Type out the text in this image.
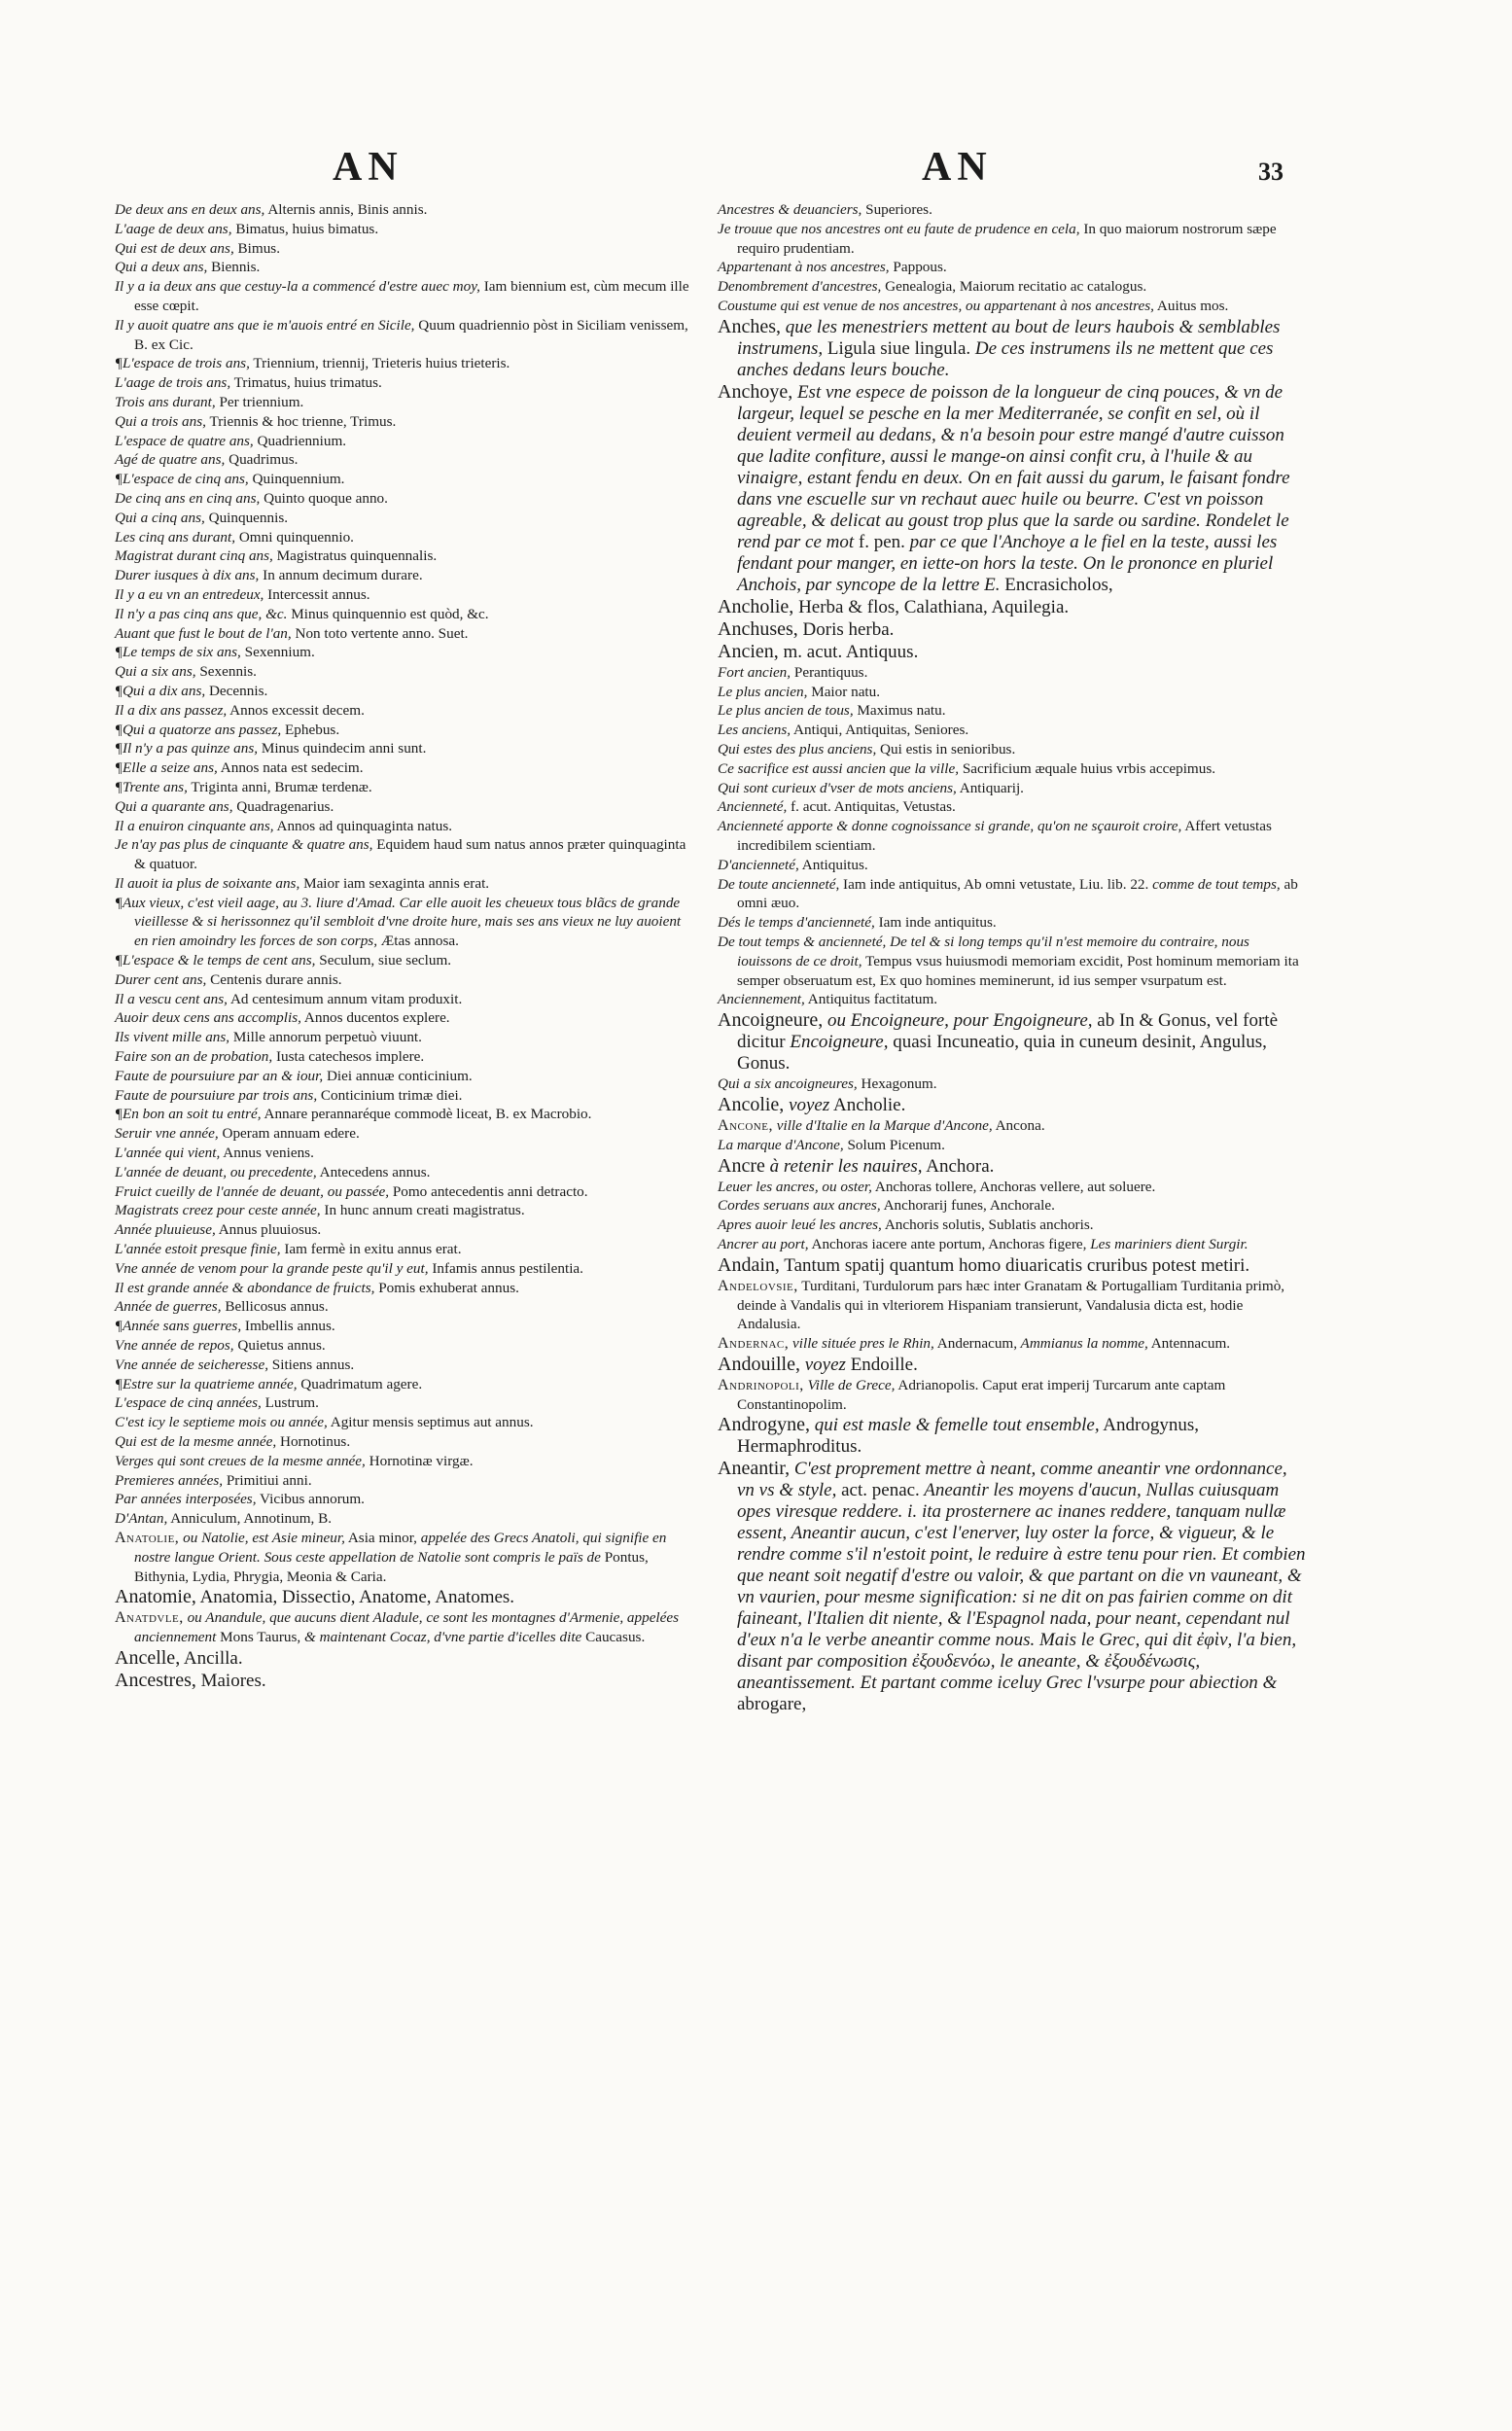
AN	AN	33

De deux ans en deux ans, Alternis annis, Binis annis.

L'aage de deux ans, Bimatus, huius bimatus.

Qui est de deux ans, Bimus.

Qui a deux ans, Biennis.

Il y a ia deux ans que cestuy-la a commencé d'estre auec moy, Iam biennium est, cùm mecum ille esse cœpit.

Il y auoit quatre ans que ie m'auois entré en Sicile, Quum quadriennio pòst in Siciliam venissem, B. ex Cic.

¶L'espace de trois ans, Triennium, triennij, Trieteris huius trieteris.

L'aage de trois ans, Trimatus, huius trimatus.

Trois ans durant, Per triennium.

Qui a trois ans, Triennis & hoc trienne, Trimus.

L'espace de quatre ans, Quadriennium.

Agé de quatre ans, Quadrimus.

¶L'espace de cinq ans, Quinquennium.

De cinq ans en cinq ans, Quinto quoque anno.

Qui a cinq ans, Quinquennis.

Les cinq ans durant, Omni quinquennio.

Magistrat durant cinq ans, Magistratus quinquennalis.

Durer iusques à dix ans, In annum decimum durare.

Il y a eu vn an entredeux, Intercessit annus.

Il n'y a pas cinq ans que, &c. Minus quinquennio est quòd, &c.

Auant que fust le bout de l'an, Non toto vertente anno. Suet.

¶Le temps de six ans, Sexennium.

Qui a six ans, Sexennis.

¶Qui a dix ans, Decennis.

Il a dix ans passez, Annos excessit decem.

¶Qui a quatorze ans passez, Ephebus.

¶Il n'y a pas quinze ans, Minus quindecim anni sunt.

¶Elle a seize ans, Annos nata est sedecim.

¶Trente ans, Triginta anni, Brumæ terdenæ.

Qui a quarante ans, Quadragenarius.

Il a enuiron cinquante ans, Annos ad quinquaginta natus.

Je n'ay pas plus de cinquante & quatre ans, Equidem haud sum natus annos præter quinquaginta & quatuor.

Il auoit ia plus de soixante ans, Maior iam sexaginta annis erat.

¶Aux vieux, c'est vieil aage, au 3. liure d'Amad. Car elle auoit les cheueux tous blãcs de grande vieillesse & si herissonnez qu'il sembloit d'vne droite hure, mais ses ans vieux ne luy auoient en rien amoindry les forces de son corps, Ætas annosa.

¶L'espace & le temps de cent ans, Seculum, siue seclum.

Durer cent ans, Centenis durare annis.

Il a vescu cent ans, Ad centesimum annum vitam produxit.

Auoir deux cens ans accomplis, Annos ducentos explere.

Ils vivent mille ans, Mille annorum perpetuò viuunt.

Faire son an de probation, Iusta catechesos implere.

Faute de poursuiure par an & iour, Diei annuæ conticinium.

Faute de poursuiure par trois ans, Conticinium trimæ diei.

¶En bon an soit tu entré, Annare perannaréque commodè liceat, B. ex Macrobio.

Seruir vne année, Operam annuam edere.

L'année qui vient, Annus veniens.

L'année de deuant, ou precedente, Antecedens annus.

Fruict cueilly de l'année de deuant, ou passée, Pomo antecedentis anni detracto.

Magistrats creez pour ceste année, In hunc annum creati magistratus.

Année pluuieuse, Annus pluuiosus.

L'année estoit presque finie, Iam fermè in exitu annus erat.

Vne année de venom pour la grande peste qu'il y eut, Infamis annus pestilentia.

Il est grande année & abondance de fruicts, Pomis exhuberat annus.

Année de guerres, Bellicosus annus.

¶Année sans guerres, Imbellis annus.

Vne année de repos, Quietus annus.

Vne année de seicheresse, Sitiens annus.

¶Estre sur la quatrieme année, Quadrimatum agere.

L'espace de cinq années, Lustrum.

C'est icy le septieme mois ou année, Agitur mensis septimus aut annus.

Qui est de la mesme année, Hornotinus.

Verges qui sont creues de la mesme année, Hornotinæ virgæ.

Premieres années, Primitiui anni.

Par années interposées, Vicibus annorum.

D'Antan, Anniculum, Annotinum, B.

Anatolie, ou Natolie, est Asie mineur, Asia minor, appelée des Grecs Anatoli, qui signifie en nostre langue Orient. Sous ceste appellation de Natolie sont compris le païs de Pontus, Bithynia, Lydia, Phrygia, Meonia & Caria.

Anatomie, Anatomia, Dissectio, Anatome, Anatomes.

Anatdvle, ou Anandule, que aucuns dient Aladule, ce sont les montagnes d'Armenie, appelées anciennement Mons Taurus, & maintenant Cocaz, d'vne partie d'icelles dite Caucasus.

Ancelle, Ancilla.

Ancestres, Maiores.

Ancestres & deuanciers, Superiores.

Je trouue que nos ancestres ont eu faute de prudence en cela, In quo maiorum nostrorum sæpe requiro prudentiam.

Appartenant à nos ancestres, Pappous.

Denombrement d'ancestres, Genealogia, Maiorum recitatio ac catalogus.

Coustume qui est venue de nos ancestres, ou appartenant à nos ancestres, Auitus mos.

Anches, que les menestriers mettent au bout de leurs haubois & semblables instrumens, Ligula siue lingula. De ces instrumens ils ne mettent que ces anches dedans leurs bouche.

Anchoye, Est vne espece de poisson de la longueur de cinq pouces, & vn de largeur, lequel se pesche en la mer Mediterranée, se confit en sel, où il deuient vermeil au dedans, & n'a besoin pour estre mangé d'autre cuisson que ladite confiture, aussi le mange-on ainsi confit cru, à l'huile & au vinaigre, estant fendu en deux. On en fait aussi du garum, le faisant fondre dans vne escuelle sur vn rechaut auec huile ou beurre. C'est vn poisson agreable, & delicat au goust trop plus que la sarde ou sardine. Rondelet le rend par ce mot f. pen. par ce que l'Anchoye a le fiel en la teste, aussi les fendant pour manger, en iette-on hors la teste. On le prononce en pluriel Anchois, par syncope de la lettre E. Encrasicholos,

Ancholie, Herba & flos, Calathiana, Aquilegia.

Anchuses, Doris herba.

Ancien, m. acut. Antiquus.

Fort ancien, Perantiquus.

Le plus ancien, Maior natu.

Le plus ancien de tous, Maximus natu.

Les anciens, Antiqui, Antiquitas, Seniores.

Qui estes des plus anciens, Qui estis in senioribus.

Ce sacrifice est aussi ancien que la ville, Sacrificium æquale huius vrbis accepimus.

Qui sont curieux d'vser de mots anciens, Antiquarij.

Ancienneté, f. acut. Antiquitas, Vetustas.

Ancienneté apporte & donne cognoissance si grande, qu'on ne sçauroit croire, Affert vetustas incredibilem scientiam.

D'ancienneté, Antiquitus.

De toute ancienneté, Iam inde antiquitus, Ab omni vetustate, Liu. lib. 22. comme de tout temps, ab omni æuo.

Dés le temps d'ancienneté, Iam inde antiquitus.

De tout temps & ancienneté, De tel & si long temps qu'il n'est memoire du contraire, nous iouissons de ce droit, Tempus vsus huiusmodi memoriam excidit, Post hominum memoriam ita semper obseruatum est, Ex quo homines meminerunt, id ius semper vsurpatum est.

Anciennement, Antiquitus factitatum.

Ancoigneure, ou Encoigneure, pour Engoigneure, ab In & Gonus, vel fortè dicitur Encoigneure, quasi Incuneatio, quia in cuneum desinit, Angulus, Gonus.

Qui a six ancoigneures, Hexagonum.

Ancolie, voyez Ancholie.

Ancone, ville d'Italie en la Marque d'Ancone, Ancona.

La marque d'Ancone, Solum Picenum.

Ancre à retenir les nauires, Anchora.

Leuer les ancres, ou oster, Anchoras tollere, Anchoras vellere, aut soluere.

Cordes seruans aux ancres, Anchorarij funes, Anchorale.

Apres auoir leué les ancres, Anchoris solutis, Sublatis anchoris.

Ancrer au port, Anchoras iacere ante portum, Anchoras figere, Les mariniers dient Surgir.

Andain, Tantum spatij quantum homo diuaricatis cruribus potest metiri.

Andelovsie, Turditani, Turdulorum pars hæc inter Granatam & Portugalliam Turditania primò, deinde à Vandalis qui in vlteriorem Hispaniam transierunt, Vandalusia dicta est, hodie Andalusia.

Andernac, ville située pres le Rhin, Andernacum, Ammianus la nomme, Antennacum.

Andouille, voyez Endoille.

Andrinopoli, Ville de Grece, Adrianopolis. Caput erat imperij Turcarum ante captam Constantinopolim.

Androgyne, qui est masle & femelle tout ensemble, Androgynus, Hermaphroditus.

Aneantir, C'est proprement mettre à neant, comme aneantir vne ordonnance, vn vs & style, act. penac. Aneantir les moyens d'aucun, Nullas cuiusquam opes viresque reddere. i. ita prosternere ac inanes reddere, tanquam nullæ essent, Aneantir aucun, c'est l'enerver, luy oster la force, & vigueur, & le rendre comme s'il n'estoit point, le reduire à estre tenu pour rien. Et combien que neant soit negatif d'estre ou valoir, & que partant on die vn vauneant, & vn vaurien, pour mesme signification: si ne dit on pas fairien comme on dit faineant, l'Italien dit niente, & l'Espagnol nada, pour neant, cependant nul d'eux n'a le verbe aneantir comme nous. Mais le Grec, qui dit ἐφὶν, l'a bien, disant par composition ἐξουδενόω, le aneante, & ἐξουδένωσις, aneantissement. Et partant comme iceluy Grec l'vsurpe pour abiection & abrogare,
